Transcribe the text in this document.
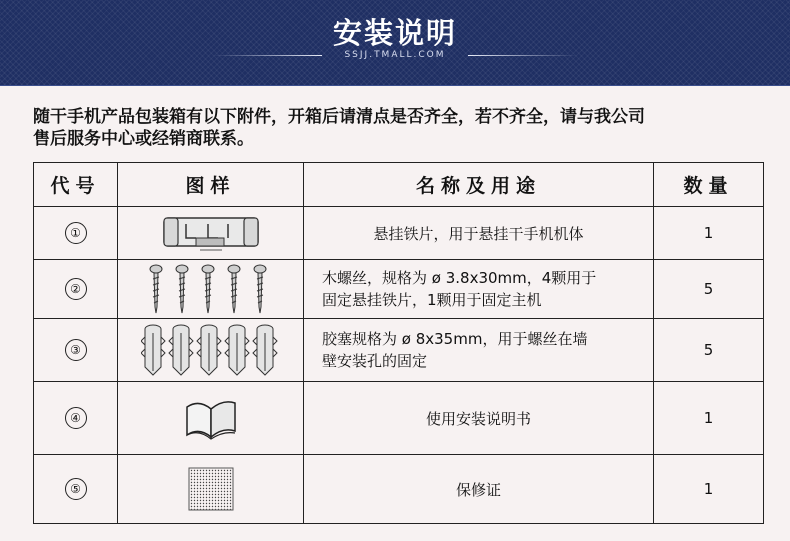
安装说明
SSJJ.TMALL.COM

随干手机产品包装箱有以下附件，开箱后请清点是否齐全，若不齐全，请与我公司

售后服务中心或经销商联系。

代号	图样	名称及用途	数量
①		悬挂铁片，用于悬挂干手机机体	1
②		木螺丝，规格为 ø 3.8x30mm，4颗用于
固定悬挂铁片，1颗用于固定主机	5
③		胶塞规格为 ø 8x35mm，用于螺丝在墙
壁安装孔的固定	5
④		使用安装说明书	1
⑤		保修证	1
